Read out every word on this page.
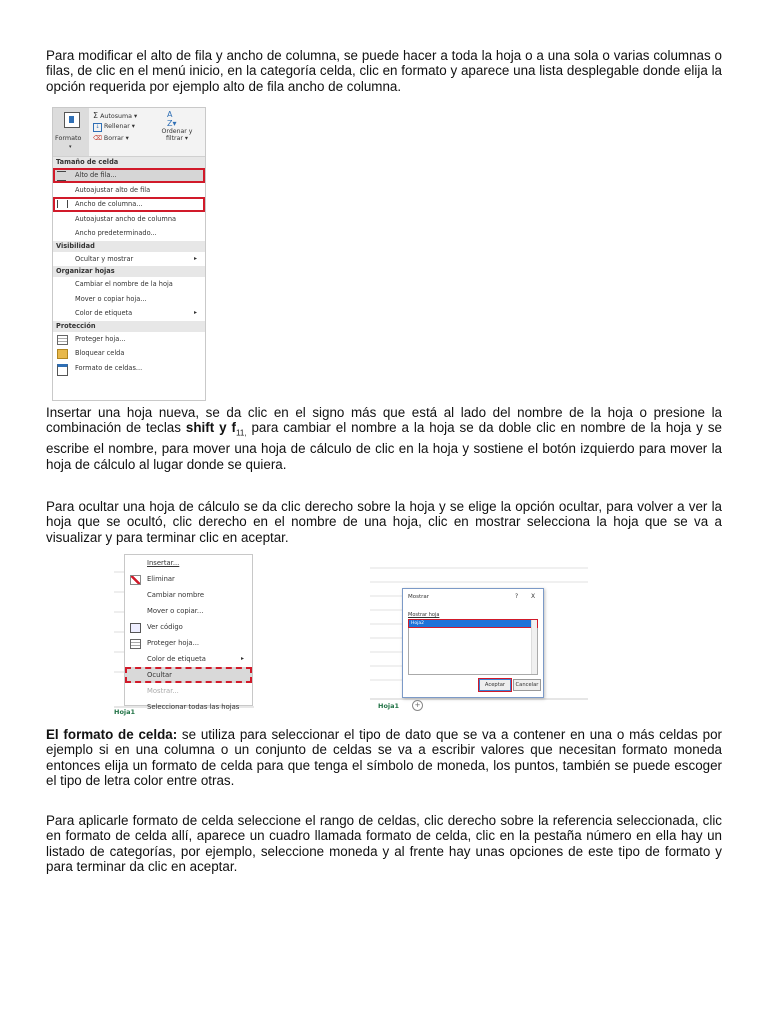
Para modificar el alto de fila y ancho de columna, se puede hacer a toda la hoja o a una sola o varias columnas o filas, de clic en el menú inicio, en la categoría celda, clic en formato y aparece una lista desplegable donde elija la opción requerida por ejemplo alto de fila ancho de columna.

Formato
▾
Σ Autosuma ▾
↓ Rellenar ▾
⌫ Borrar ▾
A
Z▾
Ordenar y
filtrar ▾
Tamaño de celda
Alto de fila...
Autoajustar alto de fila
Ancho de columna...
Autoajustar ancho de columna
Ancho predeterminado...
Visibilidad
Ocultar y mostrar	▸
Organizar hojas
Cambiar el nombre de la hoja
Mover o copiar hoja...
Color de etiqueta	▸
Protección
Proteger hoja...
Bloquear celda
Formato de celdas...

Insertar una hoja nueva, se da clic en el signo más que está al lado del nombre de la hoja o presione la combinación de teclas shift y $f_{11,}$ para cambiar el nombre a la hoja se da doble clic en nombre de la hoja y se escribe el nombre, para mover una hoja de cálculo de clic en la hoja y sostiene el botón izquierdo para mover la hoja de cálculo al lugar donde se quiera.

Para ocultar una hoja de cálculo se da clic derecho sobre la hoja y se elige la opción ocultar, para volver a ver la hoja que se ocultó, clic derecho en el nombre de una hoja, clic en mostrar selecciona la hoja que se va a visualizar y para terminar clic en aceptar.

Insertar...
Eliminar
Cambiar nombre
Mover o copiar...
Ver código
Proteger hoja...
Color de etiqueta	▸
Ocultar
Mostrar...
Seleccionar todas las hojas
Hoja1
Mostrar	? X
Mostrar hoja
Hoja2
Aceptar	Cancelar
Hoja1	+

El formato de celda: se utiliza para seleccionar el tipo de dato que se va a contener en una o más celdas por ejemplo si en una columna o un conjunto de celdas se va a escribir valores que necesitan formato moneda entonces elija un formato de celda para que tenga el símbolo de moneda, los puntos, también se puede escoger el tipo de letra color entre otras.

Para aplicarle formato de celda seleccione el rango de celdas, clic derecho sobre la referencia seleccionada, clic en formato de celda allí, aparece un cuadro llamada formato de celda, clic en la pestaña número en ella hay un listado de categorías, por ejemplo, seleccione moneda y al frente hay unas opciones de este tipo de formato y para terminar da clic en aceptar.
